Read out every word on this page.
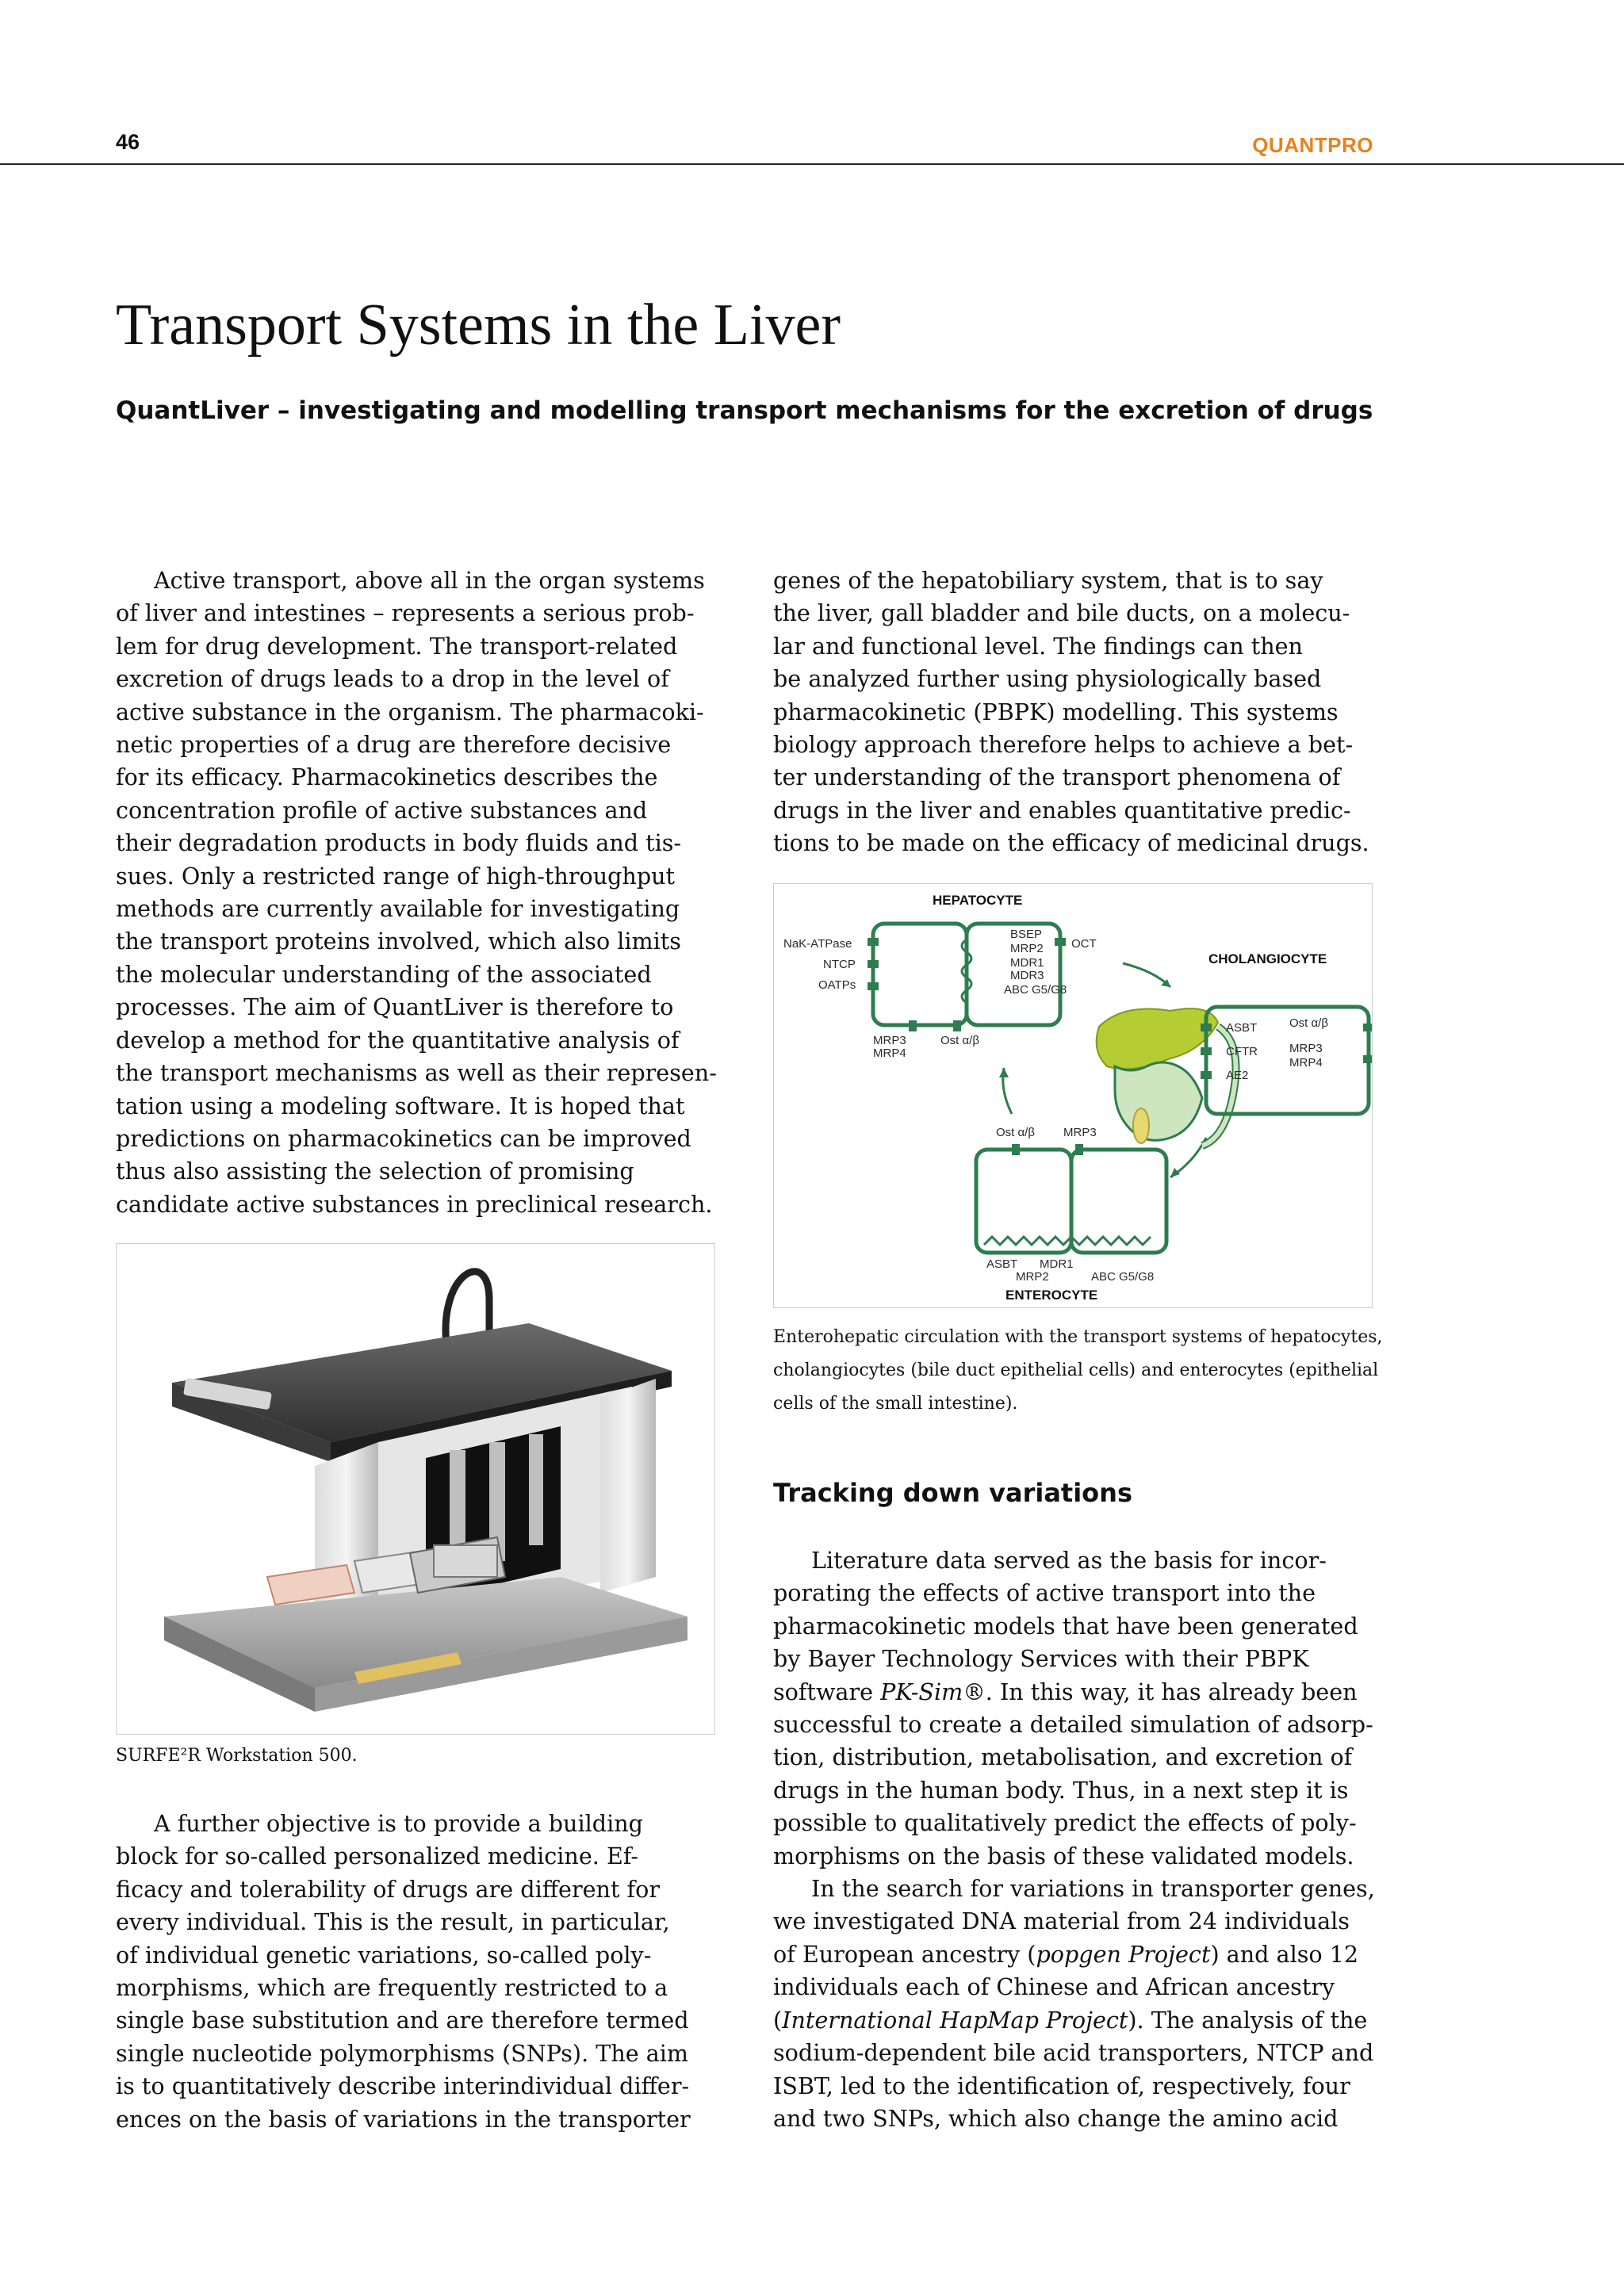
46	QUANTPRO
Transport Systems in the Liver
QuantLiver – investigating and modelling transport mechanisms for the excretion of drugs

Active transport, above all in the organ systems
of liver and intestines – represents a serious prob-
lem for drug development. The transport-related
excretion of drugs leads to a drop in the level of
active substance in the organism. The pharmacoki-
netic properties of a drug are therefore decisive
for its efficacy. Pharmacokinetics describes the
concentration profile of active substances and
their degradation products in body fluids and tis-
sues. Only a restricted range of high-throughput
methods are currently available for investigating
the transport proteins involved, which also limits
the molecular understanding of the associated
processes. The aim of QuantLiver is therefore to
develop a method for the quantitative analysis of
the transport mechanisms as well as their represen-
tation using a modeling software. It is hoped that
predictions on pharmacokinetics can be improved
thus also assisting the selection of promising
candidate active substances in preclinical research.

SURFE²R Workstation 500.

A further objective is to provide a building
block for so-called personalized medicine. Ef-
ficacy and tolerability of drugs are different for
every individual. This is the result, in particular,
of individual genetic variations, so-called poly-
morphisms, which are frequently restricted to a
single base substitution and are therefore termed
single nucleotide polymorphisms (SNPs). The aim
is to quantitatively describe interindividual differ-
ences on the basis of variations in the transporter

genes of the hepatobiliary system, that is to say
the liver, gall bladder and bile ducts, on a molecu-
lar and functional level. The findings can then
be analyzed further using physiologically based
pharmacokinetic (PBPK) modelling. This systems
biology approach therefore helps to achieve a bet-
ter understanding of the transport phenomena of
drugs in the liver and enables quantitative predic-
tions to be made on the efficacy of medicinal drugs.

HEPATOCYTE
NaK-ATPase
NTCP
OATPs
BSEP
MRP2
MDR1
MDR3
ABC G5/G8
OCT
MRP3
MRP4
Ost α/β
CHOLANGIOCYTE
ASBT
CFTR
AE2
Ost α/β
MRP3
MRP4
Ost α/β MRP3
ASBT MDR1
MRP2	ABC G5/G8
ENTEROCYTE
Enterohepatic circulation with the transport systems of hepatocytes,
cholangiocytes (bile duct epithelial cells) and enterocytes (epithelial
cells of the small intestine).
Tracking down variations

Literature data served as the basis for incor-
porating the effects of active transport into the
pharmacokinetic models that have been generated
by Bayer Technology Services with their PBPK
software PK-Sim®. In this way, it has already been
successful to create a detailed simulation of adsorp-
tion, distribution, metabolisation, and excretion of
drugs in the human body. Thus, in a next step it is
possible to qualitatively predict the effects of poly-
morphisms on the basis of these validated models.

In the search for variations in transporter genes,
we investigated DNA material from 24 individuals
of European ancestry (popgen Project) and also 12
individuals each of Chinese and African ancestry
(International HapMap Project). The analysis of the
sodium-dependent bile acid transporters, NTCP and
ISBT, led to the identification of, respectively, four
and two SNPs, which also change the amino acid
